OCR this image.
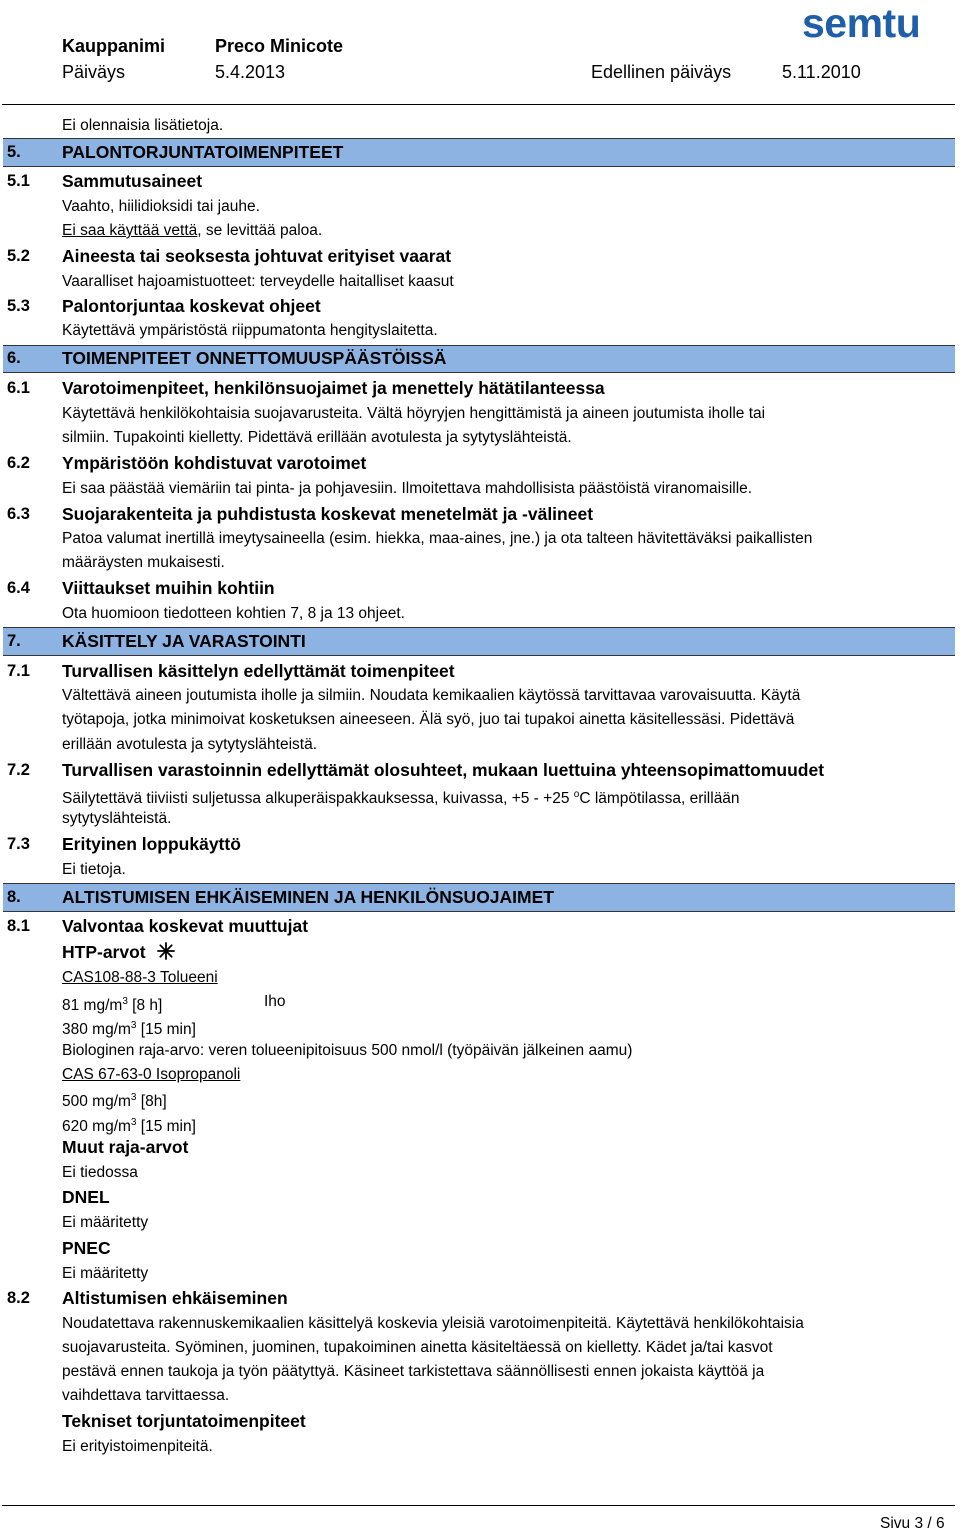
Kauppanimi	Preco Minicote
Päiväys	5.4.2013	Edellinen päiväys	5.11.2010
semtu
Ei olennaisia lisätietoja.
5. PALONTORJUNTATOIMENPITEET
5.1 Sammutusaineet
Vaahto, hiilidioksidi tai jauhe.
Ei saa käyttää vettä, se levittää paloa.
5.2 Aineesta tai seoksesta johtuvat erityiset vaarat
Vaaralliset hajoamistuotteet: terveydelle haitalliset kaasut
5.3 Palontorjuntaa koskevat ohjeet
Käytettävä ympäristöstä riippumatonta hengityslaitetta.
6. TOIMENPITEET ONNETTOMUUSPÄÄSTÖISSÄ
6.1 Varotoimenpiteet, henkilönsuojaimet ja menettely hätätilanteessa
Käytettävä henkilökohtaisia suojavarusteita. Vältä höyryjen hengittämistä ja aineen joutumista iholle tai
silmiin. Tupakointi kielletty. Pidettävä erillään avotulesta ja sytytyslähteistä.
6.2 Ympäristöön kohdistuvat varotoimet
Ei saa päästää viemäriin tai pinta- ja pohjavesiin. Ilmoitettava mahdollisista päästöistä viranomaisille.
6.3 Suojarakenteita ja puhdistusta koskevat menetelmät ja -välineet
Patoa valumat inertillä imeytysaineella (esim. hiekka, maa-aines, jne.) ja ota talteen hävitettäväksi paikallisten
määräysten mukaisesti.
6.4 Viittaukset muihin kohtiin
Ota huomioon tiedotteen kohtien 7, 8 ja 13 ohjeet.
7. KÄSITTELY JA VARASTOINTI
7.1 Turvallisen käsittelyn edellyttämät toimenpiteet
Vältettävä aineen joutumista iholle ja silmiin. Noudata kemikaalien käytössä tarvittavaa varovaisuutta. Käytä
työtapoja, jotka minimoivat kosketuksen aineeseen. Älä syö, juo tai tupakoi ainetta käsitellessäsi. Pidettävä
erillään avotulesta ja sytytyslähteistä.
7.2 Turvallisen varastoinnin edellyttämät olosuhteet, mukaan luettuina yhteensopimattomuudet
Säilytettävä tiiviisti suljetussa alkuperäispakkauksessa, kuivassa, +5 - +25 $^o$C lämpötilassa, erillään
sytytyslähteistä.
7.3 Erityinen loppukäyttö
Ei tietoja.
8. ALTISTUMISEN EHKÄISEMINEN JA HENKILÖNSUOJAIMET
8.1 Valvontaa koskevat muuttujat
HTP-arvot
CAS108-88-3 Tolueeni
81 $mg/m^3$ [8 h]	Iho
380 $mg/m^3$ [15 min]
Biologinen raja-arvo: veren tolueenipitoisuus 500 nmol/l (työpäivän jälkeinen aamu)
CAS 67-63-0 Isopropanoli
500 $mg/m^3$ [8h]
620 $mg/m^3$ [15 min]
Muut raja-arvot
Ei tiedossa
DNEL
Ei määritetty
PNEC
Ei määritetty
8.2 Altistumisen ehkäiseminen
Noudatettava rakennuskemikaalien käsittelyä koskevia yleisiä varotoimenpiteitä. Käytettävä henkilökohtaisia
suojavarusteita. Syöminen, juominen, tupakoiminen ainetta käsiteltäessä on kielletty. Kädet ja/tai kasvot
pestävä ennen taukoja ja työn päätyttyä. Käsineet tarkistettava säännöllisesti ennen jokaista käyttöä ja
vaihdettava tarvittaessa.
Tekniset torjuntatoimenpiteet
Ei erityistoimenpiteitä.
Sivu 3 / 6
